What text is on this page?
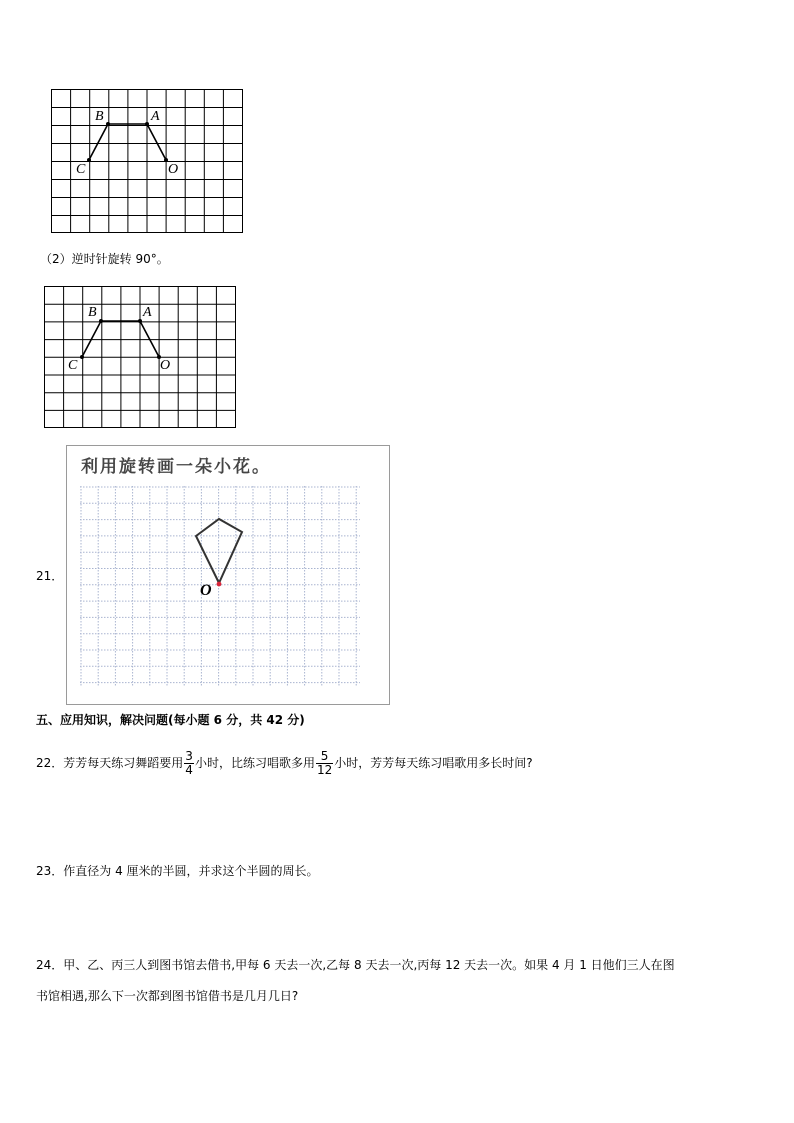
B	A
C	O
（2）逆时针旋转 90°。
B	A
C	O
21．
利用旋转画一朵小花。
O
五、应用知识，解决问题(每小题 6 分，共 42 分)
22．芳芳每天练习舞蹈要用 $\frac{3}{4}$ 小时，比练习唱歌多用 $\frac{5}{12}$ 小时，芳芳每天练习唱歌用多长时间?
23．作直径为 4 厘米的半圆，并求这个半圆的周长。
24．甲、乙、丙三人到图书馆去借书,甲每 6 天去一次,乙每 8 天去一次,丙每 12 天去一次。如果 4 月 1 日他们三人在图
书馆相遇,那么下一次都到图书馆借书是几月几日?
